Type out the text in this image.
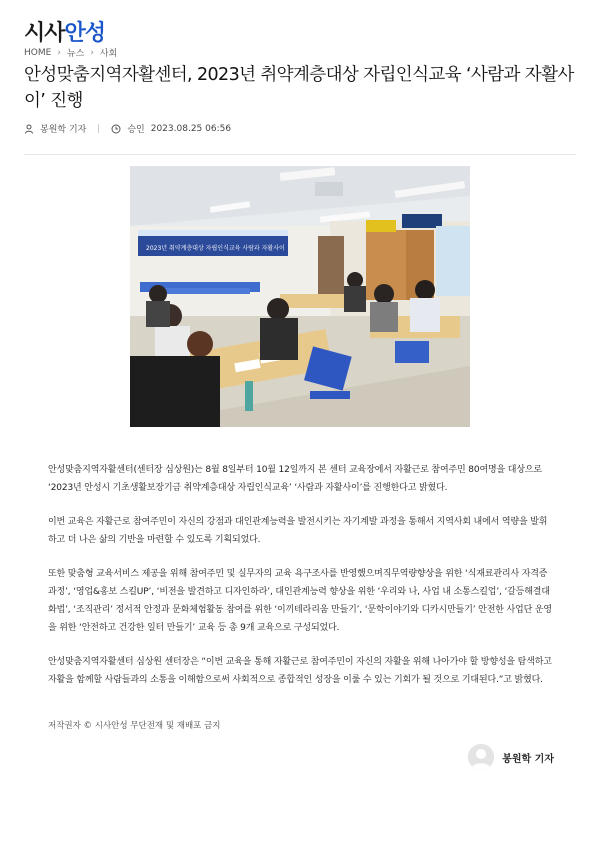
시사안성
HOME › 뉴스 › 사회
안성맞춤지역자활센터, 2023년 취약계층대상 자립인식교육 ‘사람과 자활사이’ 진행
봉원학 기자	승인 2023.08.25 06:56
2023년 취약계층대상 자립인식교육 사람과 자활사이

안성맞춤지역자활센터(센터장 심상원)는 8월 8일부터 10월 12일까지 본 센터 교육장에서 자활근로 참여주민 80여명을 대상으로 ‘2023년 안성시 기초생활보장기금 취약계층대상 자립인식교육’ ‘사람과 자활사이’를 진행한다고 밝혔다.

이번 교육은 자활근로 참여주민이 자신의 강점과 대인관계능력을 발전시키는 자기계발 과정을 통해서 지역사회 내에서 역량을 발휘하고 더 나은 삶의 기반을 마련할 수 있도록 기획되었다.

또한 맞춤형 교육서비스 제공을 위해 참여주민 및 실무자의 교육 욕구조사를 반영했으며직무역량향상을 위한 ‘식재료관리사 자격증과정’, ‘영업&홍보 스킬UP’, ‘비전을 발견하고 디자인하라’, 대인관계능력 향상을 위한 ‘우리와 나, 사업 내 소통스킬업’, ‘갈등해결대화법’, ‘조직관리’ 정서적 안정과 문화체험활동 참여를 위한 ‘이끼테라리움 만들기’, ‘문학이야기와 디카시만들기’ 안전한 사업단 운영을 위한 ‘안전하고 건강한 일터 만들기’ 교육 등 총 9개 교육으로 구성되었다.

안성맞춤지역자활센터 심상원 센터장은 “이번 교육을 통해 자활근로 참여주민이 자신의 자활을 위해 나아가야 할 방향성을 탐색하고 자활을 함께할 사람들과의 소통을 이해함으로써 사회적으로 종합적인 성장을 이룰 수 있는 기회가 될 것으로 기대된다.”고 밝혔다.

저작권자 © 시사안성 무단전재 및 재배포 금지
봉원학 기자
